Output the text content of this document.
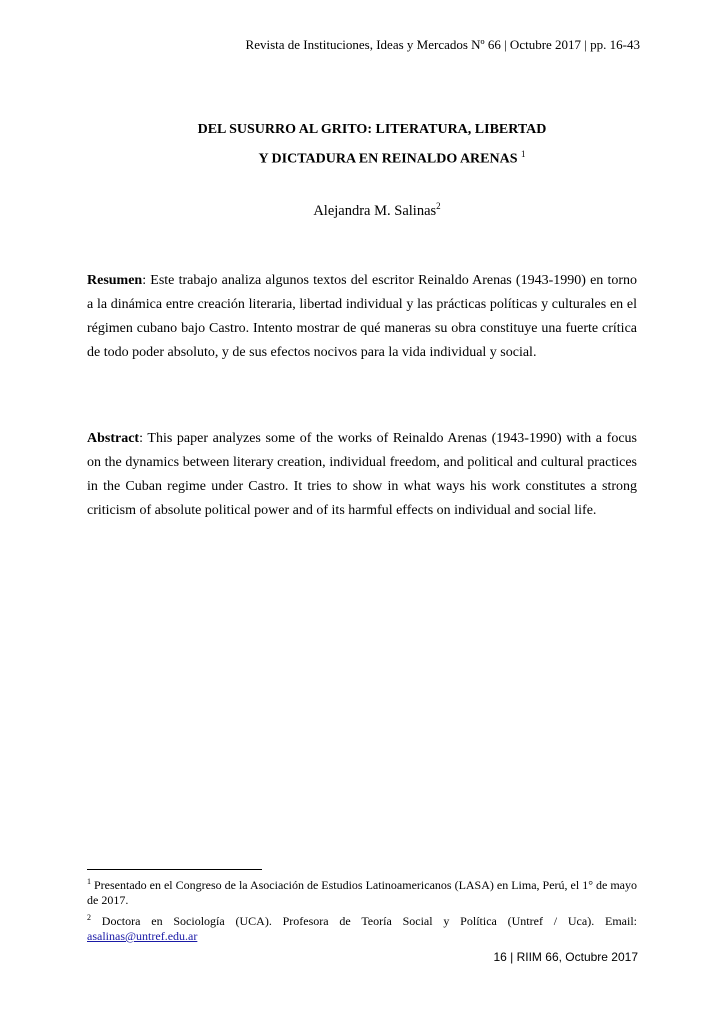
Revista de Instituciones, Ideas y Mercados Nº 66 | Octubre 2017 | pp. 16-43
DEL SUSURRO AL GRITO: LITERATURA, LIBERTAD
Y DICTADURA EN REINALDO ARENAS $^1$
Alejandra M. Salinas$^2$
Resumen: Este trabajo analiza algunos textos del escritor Reinaldo Arenas (1943-1990) en torno a la dinámica entre creación literaria, libertad individual y las prácticas políticas y culturales en el régimen cubano bajo Castro. Intento mostrar de qué maneras su obra constituye una fuerte crítica de todo poder absoluto, y de sus efectos nocivos para la vida individual y social.
Abstract: This paper analyzes some of the works of Reinaldo Arenas (1943-1990) with a focus on the dynamics between literary creation, individual freedom, and political and cultural practices in the Cuban regime under Castro. It tries to show in what ways his work constitutes a strong criticism of absolute political power and of its harmful effects on individual and social life.

$^1$ Presentado en el Congreso de la Asociación de Estudios Latinoamericanos (LASA) en Lima, Perú, el 1° de mayo de 2017.

$^2$ Doctora en Sociología (UCA). Profesora de Teoría Social y Política (Untref / Uca). Email: asalinas@untref.edu.ar

16 | RIIM 66, Octubre 2017
